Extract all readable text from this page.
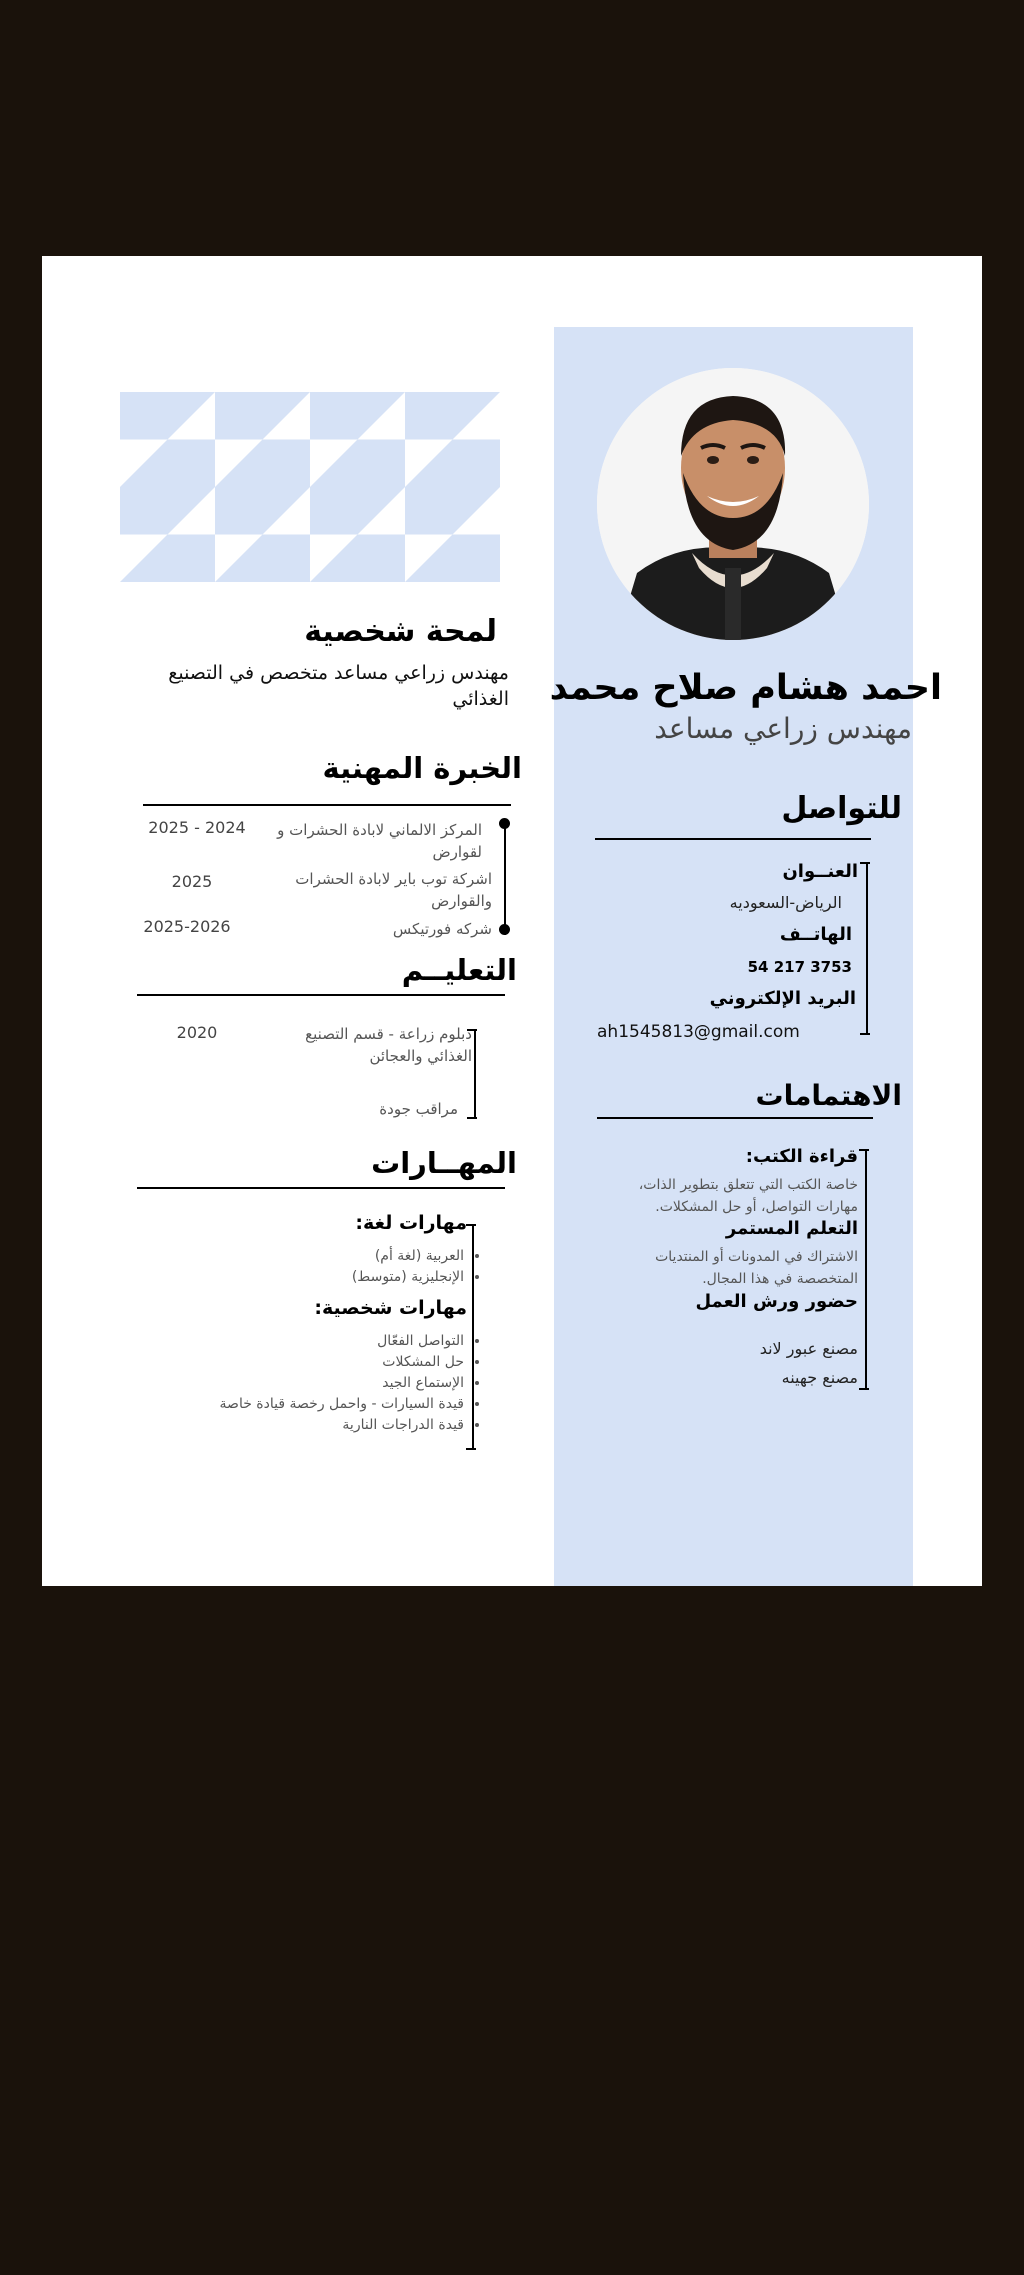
احمد هشام صلاح محمد
مهندس زراعي مساعد
للتواصل
العنــوان
الرياض-السعوديه
الهاتــف
54 217 3753
البريد الإلكتروني
ah1545813@gmail.com
الاهتمامات
قراءة الكتب:
خاصة الكتب التي تتعلق بتطوير الذات،
مهارات التواصل، أو حل المشكلات.
التعلم المستمر
الاشتراك في المدونات أو المنتديات
المتخصصة في هذا المجال.
حضور ورش العمل
مصنع عبور لاند
مصنع جهينه
لمحة شخصية
مهندس زراعي مساعد متخصص في التصنيع الغذائي
الخبرة المهنية
المركز الالماني لابادة الحشرات و لقوارض
2025 - 2024
اشركة توب باير لابادة الحشرات والقوارض
2025
شركه فورتيكس
2025-2026
التعليــم
دبلوم زراعة - قسم التصنيع الغذائي والعجائن
2020
مراقب جودة
المهــارات
مهارات لغة:
• العربية (لغة أم)
• الإنجليزية (متوسط)
مهارات شخصية:
• التواصل الفعّال
• حل المشكلات
• الإستماع الجيد
• قيدة السيارات - واحمل رخصة قيادة خاصة
• قيدة الدراجات النارية
